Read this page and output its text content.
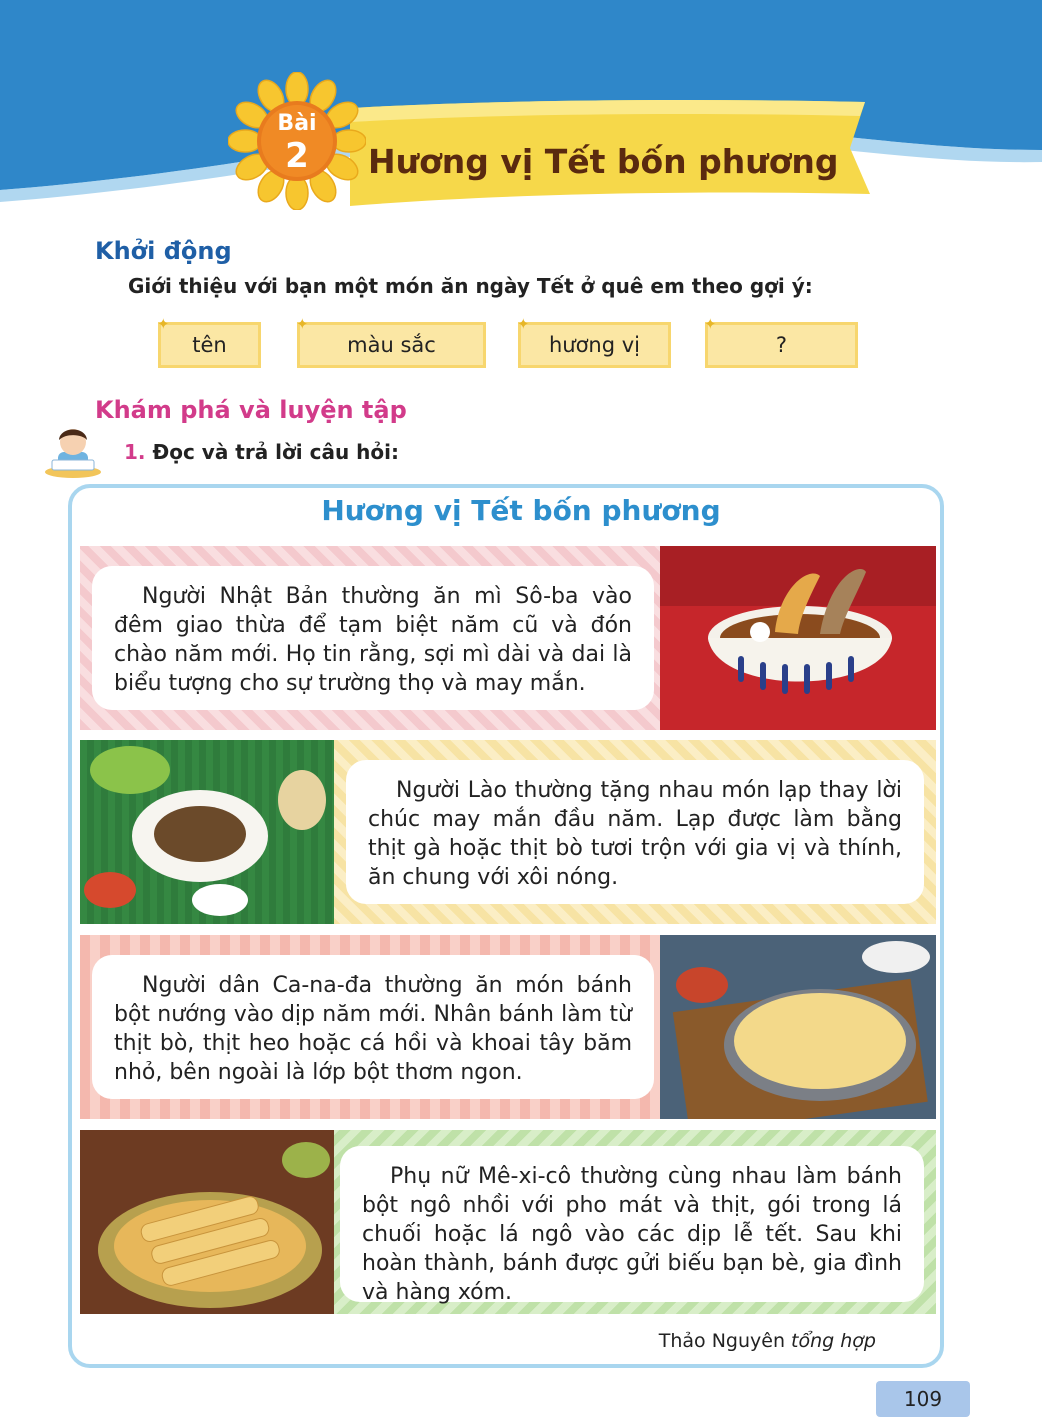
Bài
2	Hương vị Tết bốn phương
Khởi động
Giới thiệu với bạn một món ăn ngày Tết ở quê em theo gợi ý:
✦
tên
✦
màu sắc
✦
hương vị
✦
?
Khám phá và luyện tập
1. Đọc và trả lời câu hỏi:
Hương vị Tết bốn phương

Người Nhật Bản thường ăn mì Sô-ba vào đêm giao thừa để tạm biệt năm cũ và đón chào năm mới. Họ tin rằng, sợi mì dài và dai là biểu tượng cho sự trường thọ và may mắn.

Người Lào thường tặng nhau món lạp thay lời chúc may mắn đầu năm. Lạp được làm bằng thịt gà hoặc thịt bò tươi trộn với gia vị và thính, ăn chung với xôi nóng.

Người dân Ca-na-đa thường ăn món bánh bột nướng vào dịp năm mới. Nhân bánh làm từ thịt bò, thịt heo hoặc cá hồi và khoai tây băm nhỏ, bên ngoài là lớp bột thơm ngon.

Phụ nữ Mê-xi-cô thường cùng nhau làm bánh bột ngô nhồi với pho mát và thịt, gói trong lá chuối hoặc lá ngô vào các dịp lễ tết. Sau khi hoàn thành, bánh được gửi biếu bạn bè, gia đình và hàng xóm.

Thảo Nguyên tổng hợp
109
